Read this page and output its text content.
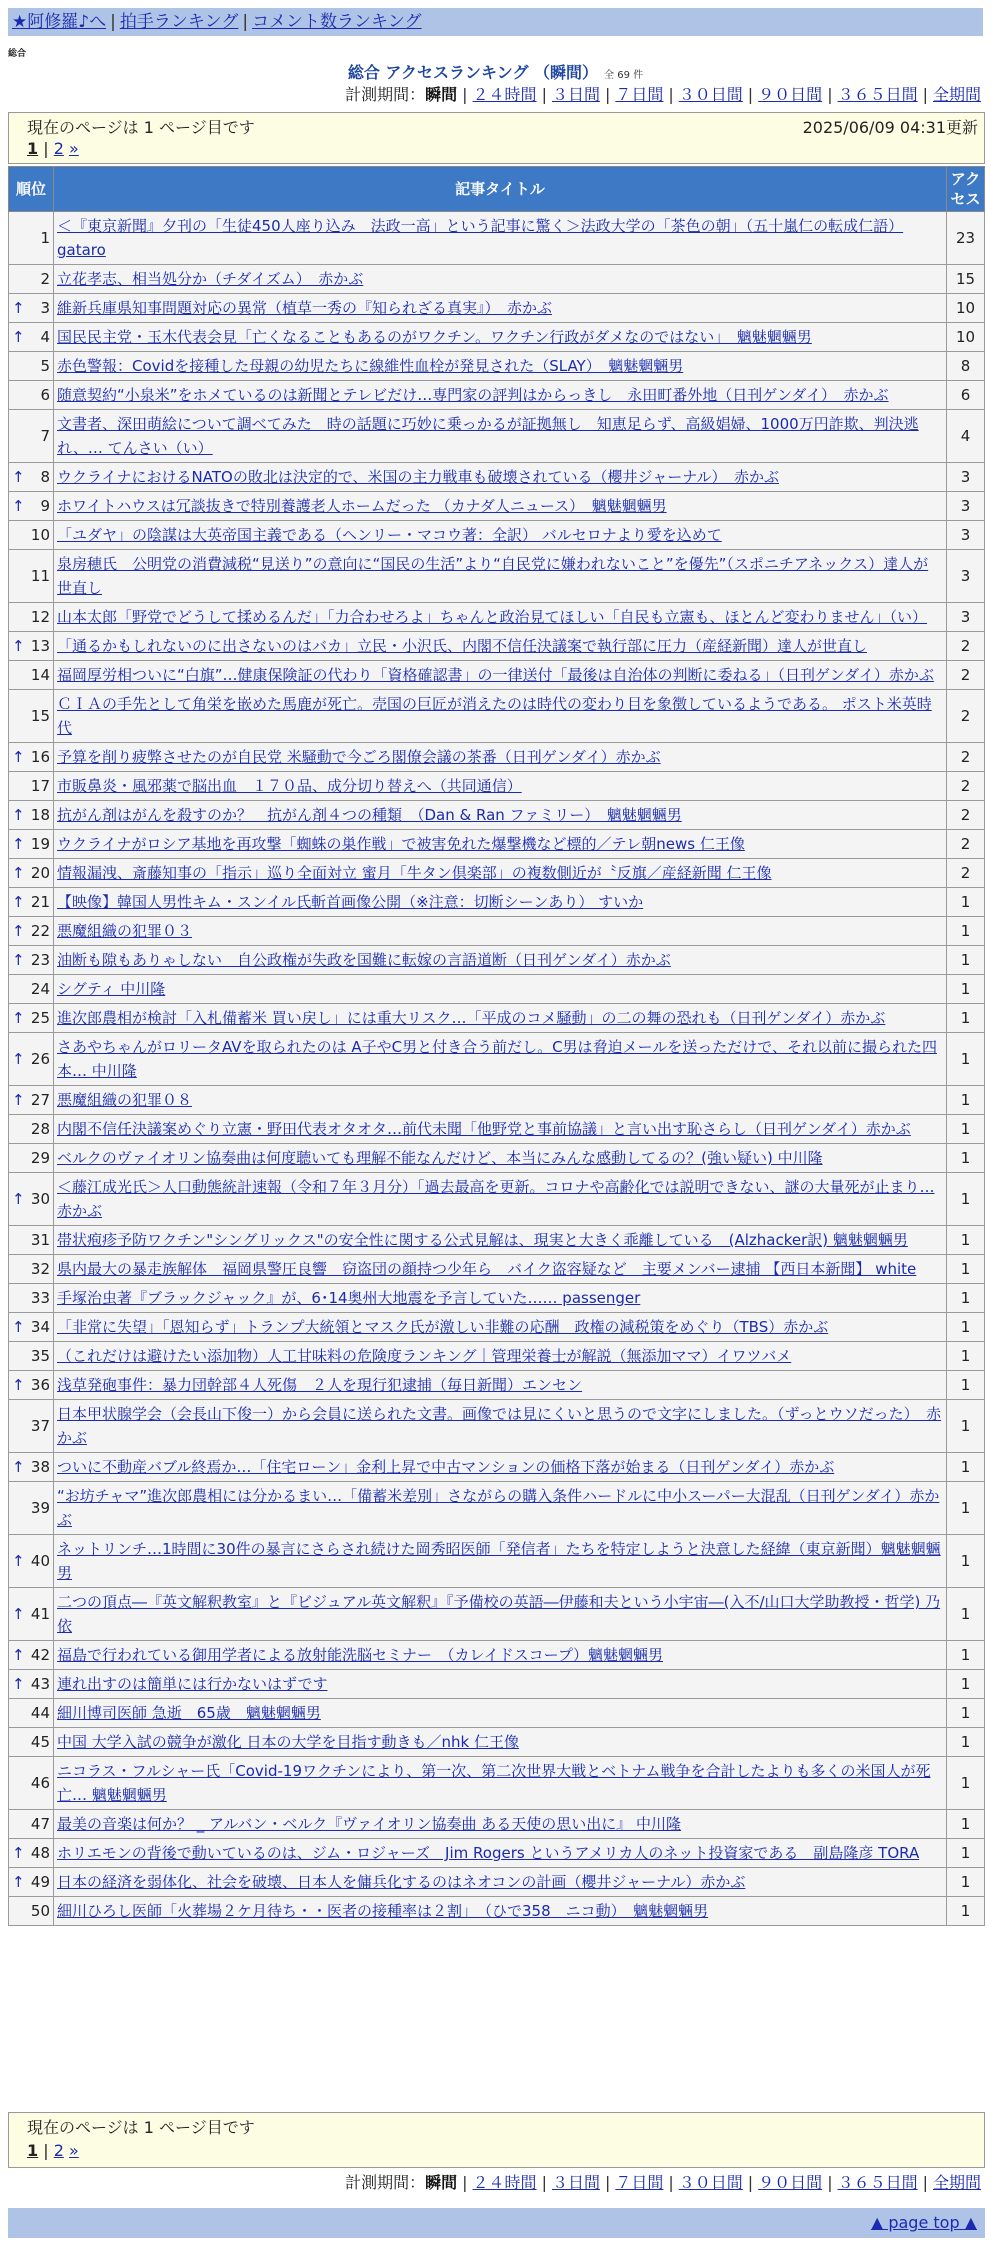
★阿修羅♪へ | 拍手ランキング | コメント数ランキング
総合
総合 アクセスランキング （瞬間） 全 69 件
計測期間：瞬間 | ２４時間 | ３日間 | ７日間 | ３０日間 | ９０日間 | ３６５日間 | 全期間
現在のページは 1 ページ目です	2025/06/09 04:31更新
1 | 2 »
順位	記事タイトル	アクセス
1	＜『東京新聞』夕刊の「生徒450人座り込み　法政一高」という記事に驚く＞法政大学の「茶色の朝」（五十嵐仁の転成仁語） gataro	23
2	立花孝志、相当処分か（チダイズム）　赤かぶ	15

↑ 3	維新兵庫県知事問題対応の異常（植草一秀の『知られざる真実』）　赤かぶ	10

↑ 4	国民民主党・玉木代表会見「亡くなることもあるのがワクチン。ワクチン行政がダメなのではない」　魑魅魍魎男	10
5	赤色警報：Covidを接種した母親の幼児たちに線維性血栓が発見された（SLAY）　魑魅魍魎男	8
6	随意契約“小泉米”をホメているのは新聞とテレビだけ…専門家の評判はからっきし　永田町番外地（日刊ゲンダイ）　赤かぶ	6
7	文書者、深田萌絵について調べてみた　時の話題に巧妙に乗っかるが証拠無し　知恵足らず、高級娼婦、1000万円詐欺、判決逃れ、… てんさい（い）	4

↑ 8	ウクライナにおけるNATOの敗北は決定的で、米国の主力戦車も破壊されている（櫻井ジャーナル）　赤かぶ	3

↑ 9	ホワイトハウスは冗談抜きで特別養護老人ホームだった （カナダ人ニュース）　魑魅魍魎男	3
10	「ユダヤ」の陰謀は大英帝国主義である（ヘンリー・マコウ著：全訳） バルセロナより愛を込めて	3
11	泉房穂氏　公明党の消費減税“見送り”の意向に“国民の生活”より“自民党に嫌われないこと”を優先”（スポニチアネックス）達人が世直し	3
12	山本太郎「野党でどうして揉めるんだ」「力合わせろよ」ちゃんと政治見てほしい「自民も立憲も、ほとんど変わりません」（い）	3

↑ 13	「通るかもしれないのに出さないのはバカ」立民・小沢氏、内閣不信任決議案で執行部に圧力（産経新聞）達人が世直し	2
14	福岡厚労相ついに“白旗”…健康保険証の代わり「資格確認書」の一律送付「最後は自治体の判断に委ねる」（日刊ゲンダイ）赤かぶ	2
15	ＣＩＡの手先として角栄を嵌めた馬鹿が死亡。売国の巨匠が消えたのは時代の変わり目を象徴しているようである。 ポスト米英時代	2

↑ 16	予算を削り疲弊させたのが自民党 米騒動で今ごろ閣僚会議の茶番（日刊ゲンダイ）赤かぶ	2
17	市販鼻炎・風邪薬で脳出血　１７０品、成分切り替えへ（共同通信）	2

↑ 18	抗がん剤はがんを殺すのか？　抗がん剤４つの種類　（Dan & Ran ファミリー）　魑魅魍魎男	2

↑ 19	ウクライナがロシア基地を再攻撃「蜘蛛の巣作戦」で被害免れた爆撃機など標的／テレ朝news 仁王像	2

↑ 20	情報漏洩、斎藤知事の「指示」巡り全面対立 蜜月「牛タン倶楽部」の複数側近が〝反旗／産経新聞 仁王像	2

↑ 21	【映像】韓国人男性キム・スンイル氏斬首画像公開（※注意：切断シーンあり） すいか	1

↑ 22	悪魔組織の犯罪０３	1

↑ 23	油断も隙もありゃしない　自公政権が失政を国難に転嫁の言語道断（日刊ゲンダイ）赤かぶ	1
24	シグティ 中川隆	1

↑ 25	進次郎農相が検討「入札備蓄米 買い戻し」には重大リスク…「平成のコメ騒動」の二の舞の恐れも（日刊ゲンダイ）赤かぶ	1

↑ 26	さあやちゃんがロリータAVを取られたのは A子やC男と付き合う前だし。C男は脅迫メールを送っただけで、それ以前に撮られた四本… 中川隆	1

↑ 27	悪魔組織の犯罪０８	1
28	内閣不信任決議案めぐり立憲・野田代表オタオタ…前代未聞「他野党と事前協議」と言い出す恥さらし（日刊ゲンダイ）赤かぶ	1
29	ベルクのヴァイオリン協奏曲は何度聴いても理解不能なんだけど、本当にみんな感動してるの？(強い疑い) 中川隆	1

↑ 30	＜藤江成光氏＞人口動態統計速報（令和７年３月分）「過去最高を更新。コロナや高齢化では説明できない、謎の大量死が止まり… 赤かぶ	1
31	帯状疱疹予防ワクチン"シングリックス"の安全性に関する公式見解は、現実と大きく乖離している　(Alzhacker訳) 魑魅魍魎男	1
32	県内最大の暴走族解体　福岡県警圧良響　窃盗団の顔持つ少年ら　バイク盗容疑など　主要メンバー逮捕 【西日本新聞】 white	1
33	手塚治虫著『ブラックジャック』が、6･14奥州大地震を予言していた…… passenger	1

↑ 34	「非常に失望」「恩知らず」トランプ大統領とマスク氏が激しい非難の応酬　政権の減税策をめぐり（TBS）赤かぶ	1
35	（これだけは避けたい添加物）人工甘味料の危険度ランキング｜管理栄養士が解説（無添加ママ）イワツバメ	1

↑ 36	浅草発砲事件：暴力団幹部４人死傷　２人を現行犯逮捕（毎日新聞）エンセン	1
37	日本甲状腺学会（会長山下俊一）から会員に送られた文書。画像では見にくいと思うので文字にしました。（ずっとウソだった）　赤かぶ	1

↑ 38	ついに不動産バブル終焉か…「住宅ローン」金利上昇で中古マンションの価格下落が始まる（日刊ゲンダイ）赤かぶ	1
39	“お坊チャマ”進次郎農相には分かるまい…「備蓄米差別」さながらの購入条件ハードルに中小スーパー大混乱（日刊ゲンダイ）赤かぶ	1

↑ 40	ネットリンチ…1時間に30件の暴言にさらされ続けた岡秀昭医師「発信者」たちを特定しようと決意した経緯（東京新聞）魑魅魍魎男	1

↑ 41	二つの頂点―『英文解釈教室』と『ビジュアル英文解釈』『予備校の英語―伊藤和夫という小宇宙―(入不/山口大学助教授・哲学) 乃依	1

↑ 42	福島で行われている御用学者による放射能洗脳セミナー　（カレイドスコープ）魑魅魍魎男	1

↑ 43	連れ出すのは簡単には行かないはずです	1
44	細川博司医師 急逝　65歳　魑魅魍魎男	1
45	中国 大学入試の競争が激化 日本の大学を目指す動きも／nhk 仁王像	1
46	ニコラス・フルシャー氏「Covid-19ワクチンにより、第一次、第二次世界大戦とベトナム戦争を合計したよりも多くの米国人が死亡… 魑魅魍魎男	1
47	最美の音楽は何か？ _ アルバン・ベルク『ヴァイオリン協奏曲 ある天使の思い出に』 中川隆	1

↑ 48	ホリエモンの背後で動いているのは、ジム・ロジャーズ　Jim Rogers というアメリカ人のネット投資家である　副島隆彦 TORA	1

↑ 49	日本の経済を弱体化、社会を破壊、日本人を傭兵化するのはネオコンの計画（櫻井ジャーナル）赤かぶ	1
50	細川ひろし医師「火葬場２ケ月待ち・・医者の接種率は２割」　（ひで358　ニコ動）　魑魅魍魎男	1
現在のページは 1 ページ目です
1 | 2 »
計測期間：瞬間 | ２４時間 | ３日間 | ７日間 | ３０日間 | ９０日間 | ３６５日間 | 全期間
▲ page top ▲
